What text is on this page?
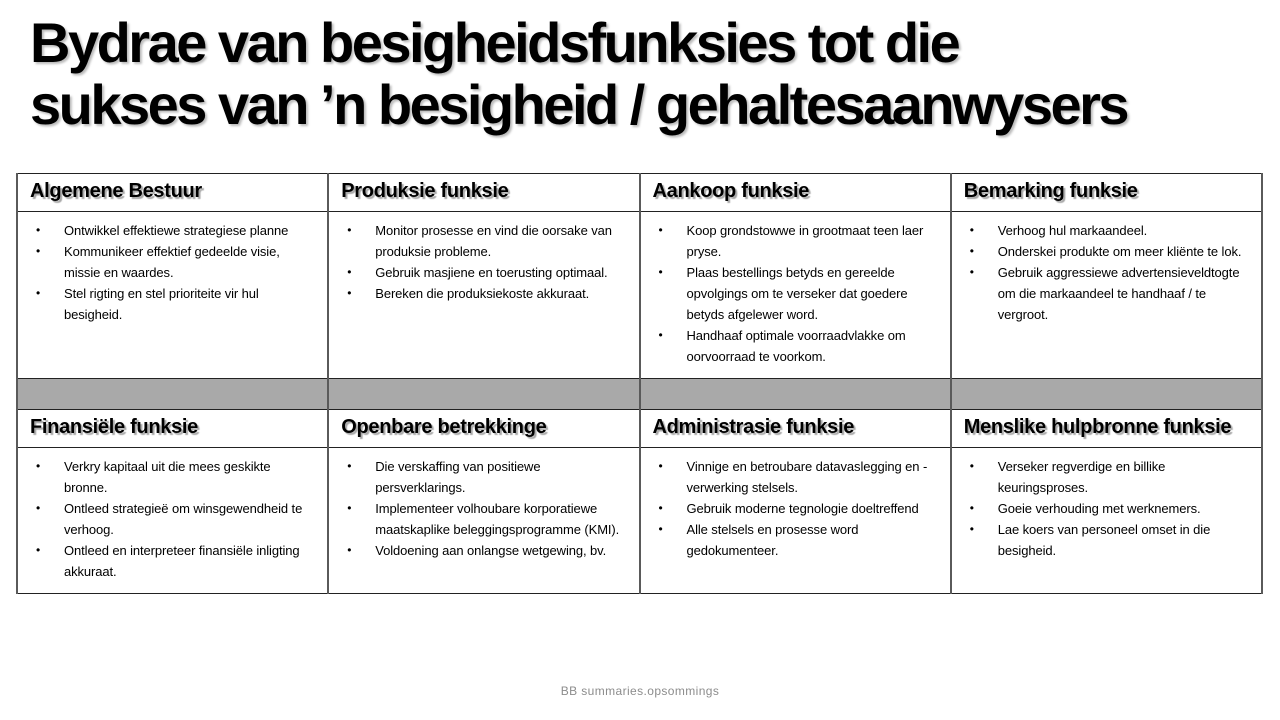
Bydrae van besigheidsfunksies tot die
sukses van ’n besigheid / gehaltesaanwysers
Algemene Bestuur	Produksie funksie	Aankoop funksie	Bemarking funksie

• Ontwikkel effektiewe strategiese planne
• Kommunikeer effektief gedeelde visie, missie en waardes.
• Stel rigting en stel prioriteite vir hul besigheid.

• Monitor prosesse en vind die oorsake van produksie probleme.
• Gebruik masjiene en toerusting optimaal.
• Bereken die produksiekoste akkuraat.

• Koop grondstowwe in grootmaat teen laer pryse.
• Plaas bestellings betyds en gereelde opvolgings om te verseker dat goedere betyds afgelewer word.
• Handhaaf optimale voorraadvlakke om oorvoorraad te voorkom.

• Verhoog hul markaandeel.
• Onderskei produkte om meer kliënte te lok.
• Gebruik aggressiewe advertensieveldtogte om die markaandeel te handhaaf / te vergroot.

Finansiële funksie	Openbare betrekkinge	Administrasie funksie	Menslike hulpbronne funksie

• Verkry kapitaal uit die mees geskikte bronne.
• Ontleed strategieë om winsgewendheid te verhoog.
• Ontleed en interpreteer finansiële inligting akkuraat.

• Die verskaffing van positiewe persverklarings.
• Implementeer volhoubare korporatiewe maatskaplike beleggingsprogramme (KMI).
• Voldoening aan onlangse wetgewing, bv.

• Vinnige en betroubare datavaslegging en -verwerking stelsels.
• Gebruik moderne tegnologie doeltreffend
• Alle stelsels en prosesse word gedokumenteer.

• Verseker regverdige en billike keuringsproses.
• Goeie verhouding met werknemers.
• Lae koers van personeel omset in die besigheid.
BB summaries.opsommings
